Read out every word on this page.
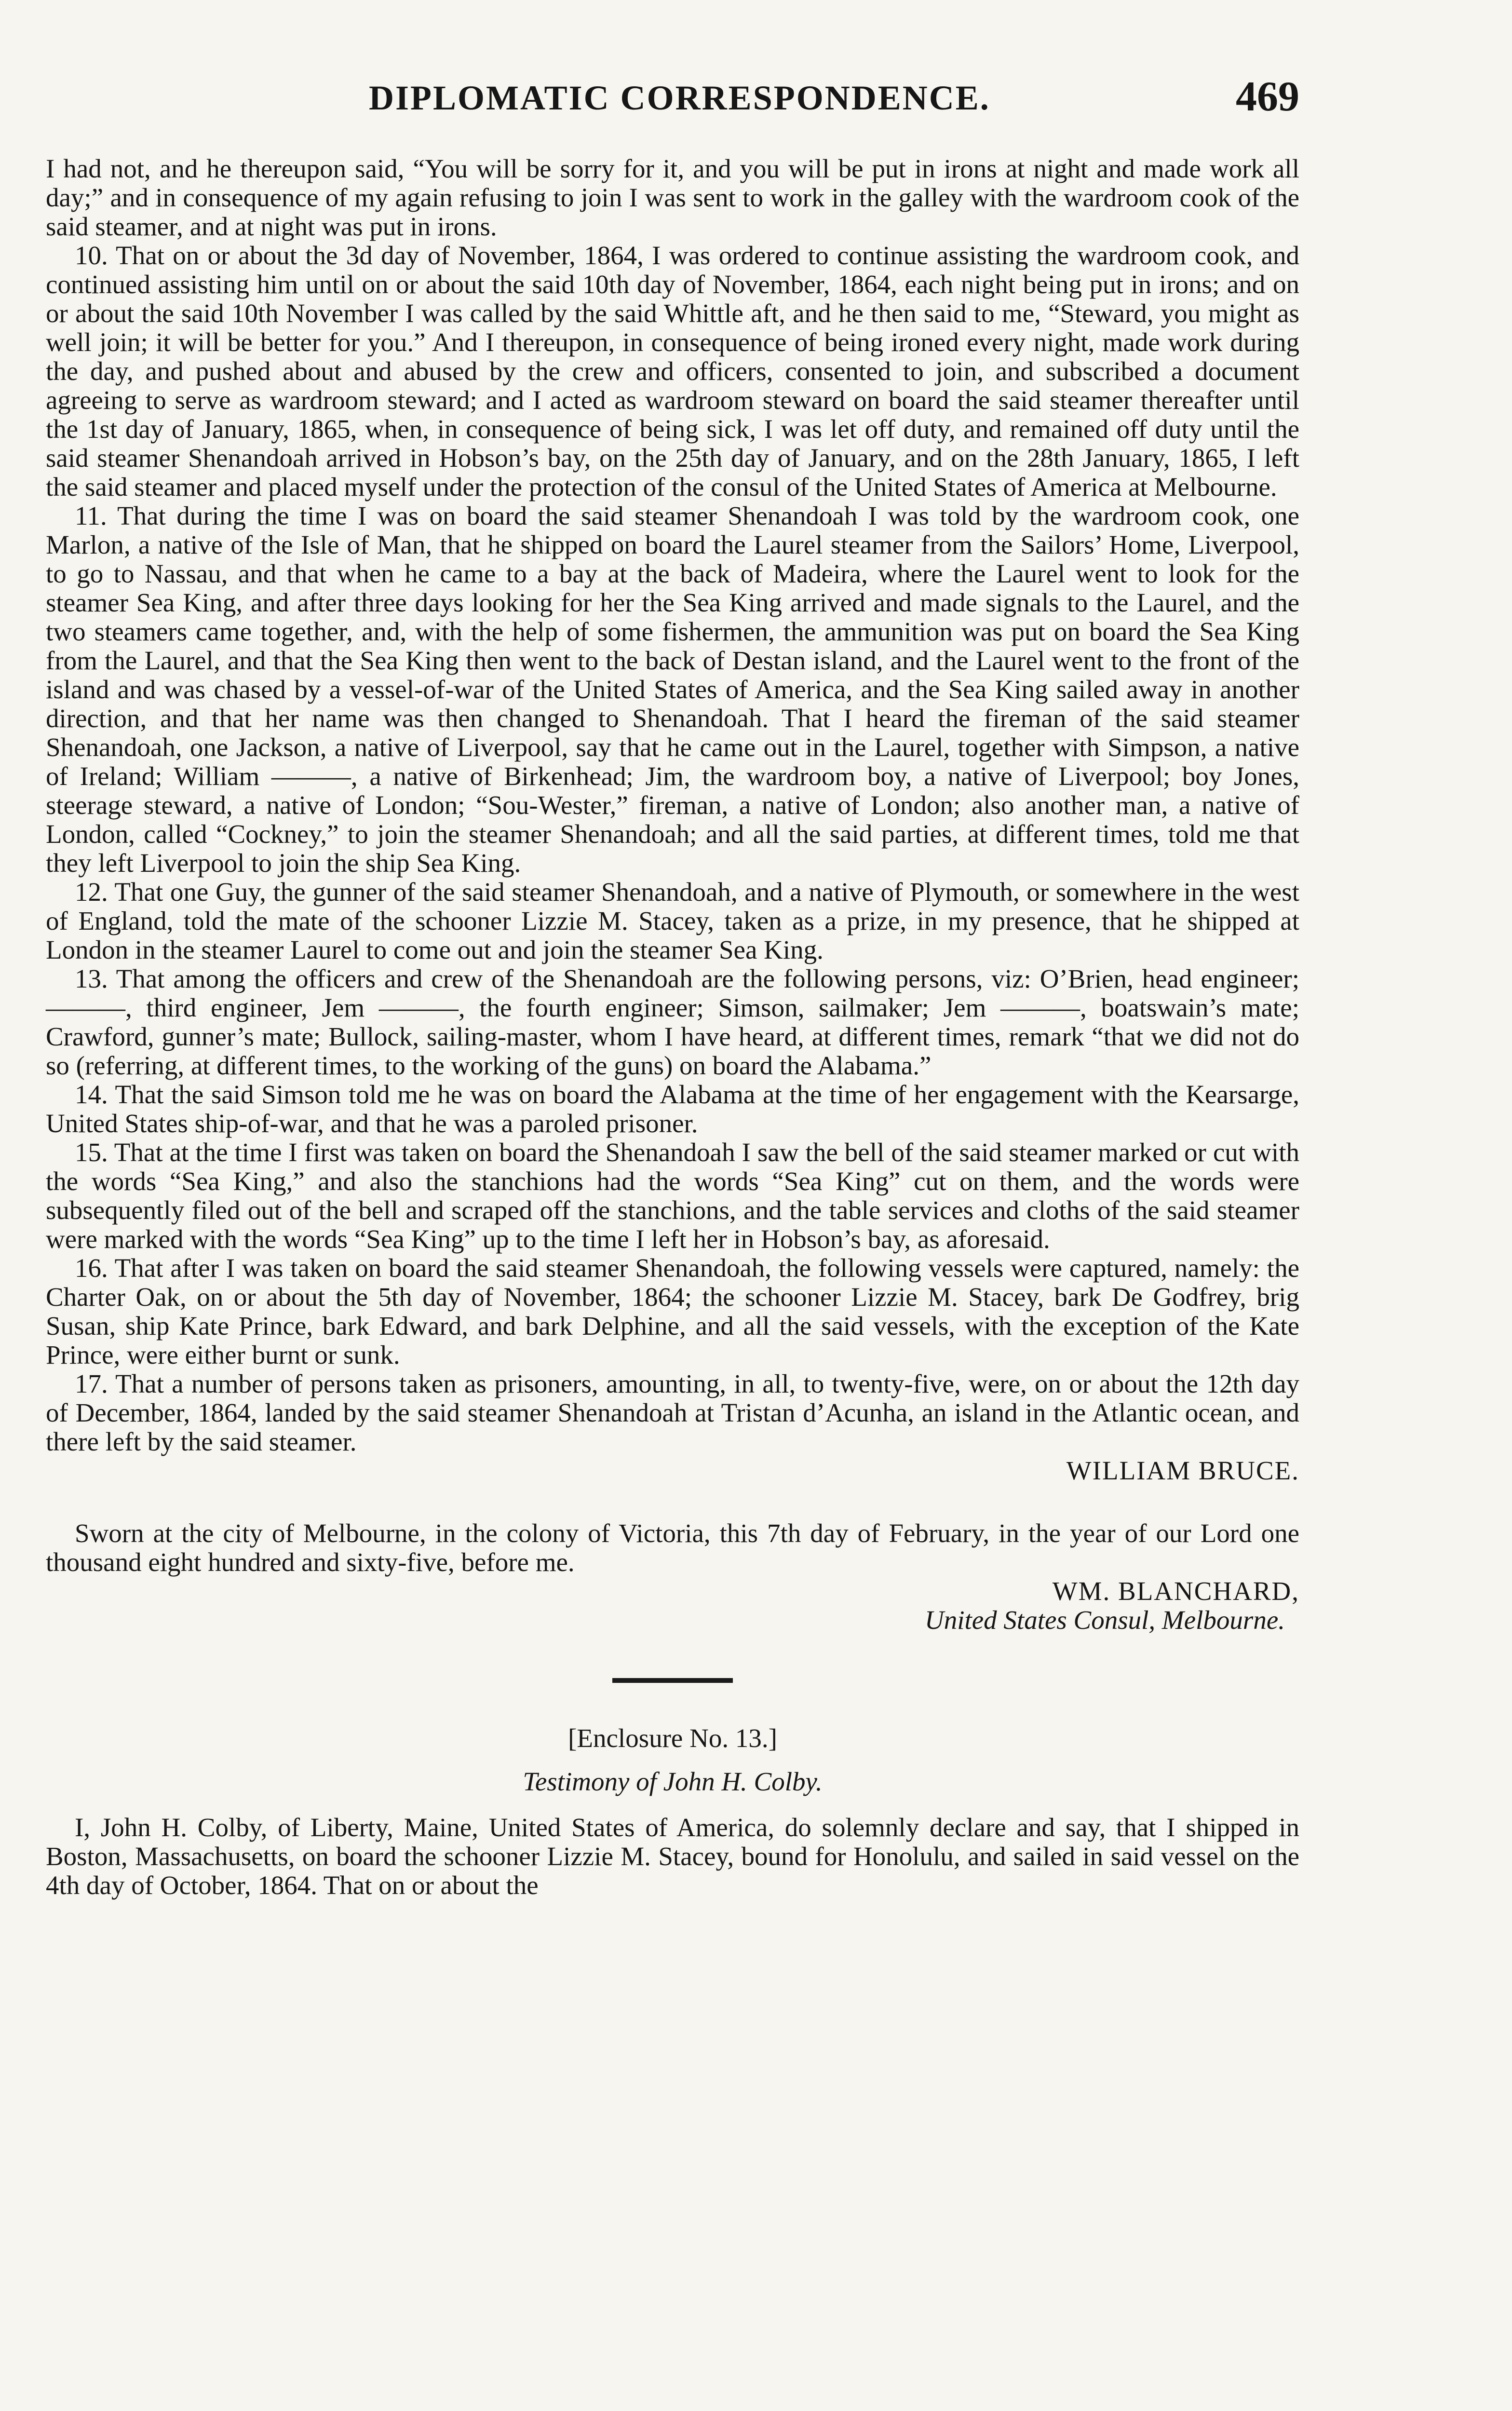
DIPLOMATIC CORRESPONDENCE.	469

I had not, and he thereupon said, “You will be sorry for it, and you will be put in irons at night and made work all day;” and in consequence of my again refusing to join I was sent to work in the galley with the wardroom cook of the said steamer, and at night was put in irons.

10. That on or about the 3d day of November, 1864, I was ordered to continue assisting the wardroom cook, and continued assisting him until on or about the said 10th day of November, 1864, each night being put in irons; and on or about the said 10th November I was called by the said Whittle aft, and he then said to me, “Steward, you might as well join; it will be better for you.” And I thereupon, in consequence of being ironed every night, made work during the day, and pushed about and abused by the crew and officers, consented to join, and subscribed a document agreeing to serve as wardroom steward; and I acted as wardroom steward on board the said steamer thereafter until the 1st day of January, 1865, when, in consequence of being sick, I was let off duty, and remained off duty until the said steamer Shenandoah arrived in Hobson’s bay, on the 25th day of January, and on the 28th January, 1865, I left the said steamer and placed myself under the protection of the consul of the United States of America at Melbourne.

11. That during the time I was on board the said steamer Shenandoah I was told by the wardroom cook, one Marlon, a native of the Isle of Man, that he shipped on board the Laurel steamer from the Sailors’ Home, Liverpool, to go to Nassau, and that when he came to a bay at the back of Madeira, where the Laurel went to look for the steamer Sea King, and after three days looking for her the Sea King arrived and made signals to the Laurel, and the two steamers came together, and, with the help of some fishermen, the ammunition was put on board the Sea King from the Laurel, and that the Sea King then went to the back of Destan island, and the Laurel went to the front of the island and was chased by a vessel-of-war of the United States of America, and the Sea King sailed away in another direction, and that her name was then changed to Shenandoah. That I heard the fireman of the said steamer Shenandoah, one Jackson, a native of Liverpool, say that he came out in the Laurel, together with Simpson, a native of Ireland; William ———, a native of Birkenhead; Jim, the wardroom boy, a native of Liverpool; boy Jones, steerage steward, a native of London; “Sou-Wester,” fireman, a native of London; also another man, a native of London, called “Cockney,” to join the steamer Shenandoah; and all the said parties, at different times, told me that they left Liverpool to join the ship Sea King.

12. That one Guy, the gunner of the said steamer Shenandoah, and a native of Plymouth, or somewhere in the west of England, told the mate of the schooner Lizzie M. Stacey, taken as a prize, in my presence, that he shipped at London in the steamer Laurel to come out and join the steamer Sea King.

13. That among the officers and crew of the Shenandoah are the following persons, viz: O’Brien, head engineer; ———, third engineer, Jem ———, the fourth engineer; Simson, sailmaker; Jem ———, boatswain’s mate; Crawford, gunner’s mate; Bullock, sailing-master, whom I have heard, at different times, remark “that we did not do so (referring, at different times, to the working of the guns) on board the Alabama.”

14. That the said Simson told me he was on board the Alabama at the time of her engagement with the Kearsarge, United States ship-of-war, and that he was a paroled prisoner.

15. That at the time I first was taken on board the Shenandoah I saw the bell of the said steamer marked or cut with the words “Sea King,” and also the stanchions had the words “Sea King” cut on them, and the words were subsequently filed out of the bell and scraped off the stanchions, and the table services and cloths of the said steamer were marked with the words “Sea King” up to the time I left her in Hobson’s bay, as aforesaid.

16. That after I was taken on board the said steamer Shenandoah, the following vessels were captured, namely: the Charter Oak, on or about the 5th day of November, 1864; the schooner Lizzie M. Stacey, bark De Godfrey, brig Susan, ship Kate Prince, bark Edward, and bark Delphine, and all the said vessels, with the exception of the Kate Prince, were either burnt or sunk.

17. That a number of persons taken as prisoners, amounting, in all, to twenty-five, were, on or about the 12th day of December, 1864, landed by the said steamer Shenandoah at Tristan d’Acunha, an island in the Atlantic ocean, and there left by the said steamer.

WILLIAM BRUCE.

Sworn at the city of Melbourne, in the colony of Victoria, this 7th day of February, in the year of our Lord one thousand eight hundred and sixty-five, before me.

WM. BLANCHARD,

United States Consul, Melbourne.

[Enclosure No. 13.]

Testimony of John H. Colby.

I, John H. Colby, of Liberty, Maine, United States of America, do solemnly declare and say, that I shipped in Boston, Massachusetts, on board the schooner Lizzie M. Stacey, bound for Honolulu, and sailed in said vessel on the 4th day of October, 1864. That on or about the
